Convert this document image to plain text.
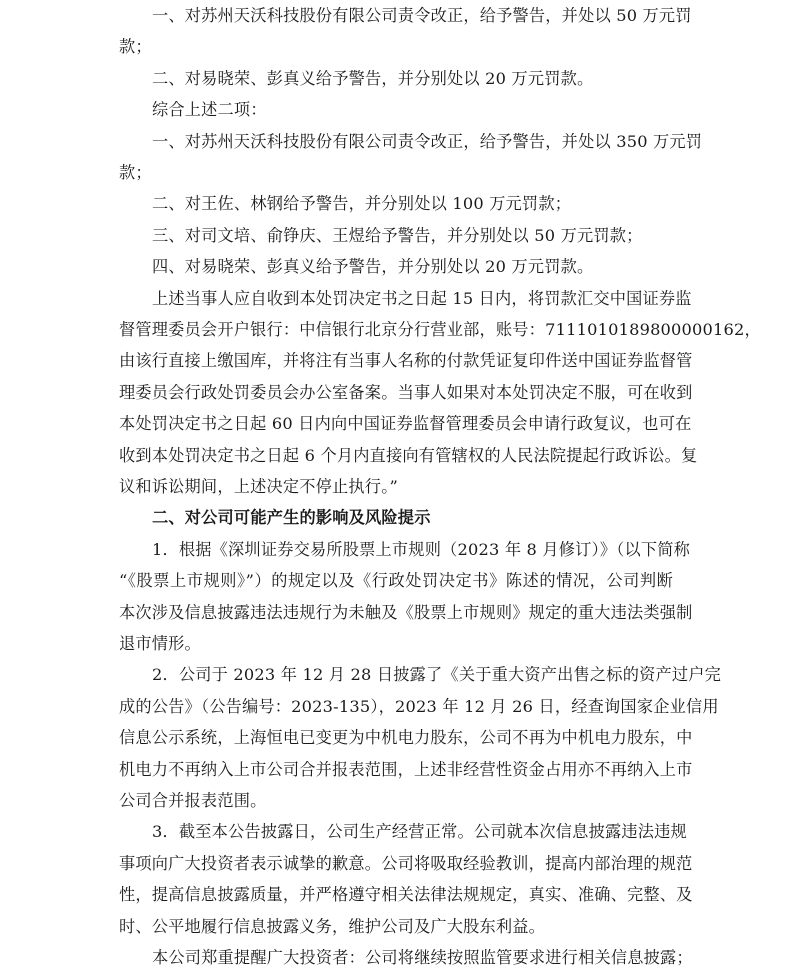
一、对苏州天沃科技股份有限公司责令改正，给予警告，并处以 50 万元罚
款；
二、对易晓荣、彭真义给予警告，并分别处以 20 万元罚款。
综合上述二项：
一、对苏州天沃科技股份有限公司责令改正，给予警告，并处以 350 万元罚
款；
二、对王佐、林钢给予警告，并分别处以 100 万元罚款；
三、对司文培、俞铮庆、王煜给予警告，并分别处以 50 万元罚款；
四、对易晓荣、彭真义给予警告，并分别处以 20 万元罚款。
上述当事人应自收到本处罚决定书之日起 15 日内，将罚款汇交中国证券监
督管理委员会开户银行：中信银行北京分行营业部，账号：7111010189800000162，
由该行直接上缴国库，并将注有当事人名称的付款凭证复印件送中国证券监督管
理委员会行政处罚委员会办公室备案。当事人如果对本处罚决定不服，可在收到
本处罚决定书之日起 60 日内向中国证券监督管理委员会申请行政复议，也可在
收到本处罚决定书之日起 6 个月内直接向有管辖权的人民法院提起行政诉讼。复
议和诉讼期间，上述决定不停止执行。”
二、对公司可能产生的影响及风险提示
1．根据《深圳证券交易所股票上市规则（2023 年 8 月修订）》（以下简称
“《股票上市规则》”）的规定以及《行政处罚决定书》陈述的情况，公司判断
本次涉及信息披露违法违规行为未触及《股票上市规则》规定的重大违法类强制
退市情形。
2．公司于 2023 年 12 月 28 日披露了《关于重大资产出售之标的资产过户完
成的公告》（公告编号：2023-135），2023 年 12 月 26 日，经查询国家企业信用
信息公示系统，上海恒电已变更为中机电力股东，公司不再为中机电力股东，中
机电力不再纳入上市公司合并报表范围，上述非经营性资金占用亦不再纳入上市
公司合并报表范围。
3．截至本公告披露日，公司生产经营正常。公司就本次信息披露违法违规
事项向广大投资者表示诚挚的歉意。公司将吸取经验教训，提高内部治理的规范
性，提高信息披露质量，并严格遵守相关法律法规规定，真实、准确、完整、及
时、公平地履行信息披露义务，维护公司及广大股东利益。
本公司郑重提醒广大投资者：公司将继续按照监管要求进行相关信息披露；
